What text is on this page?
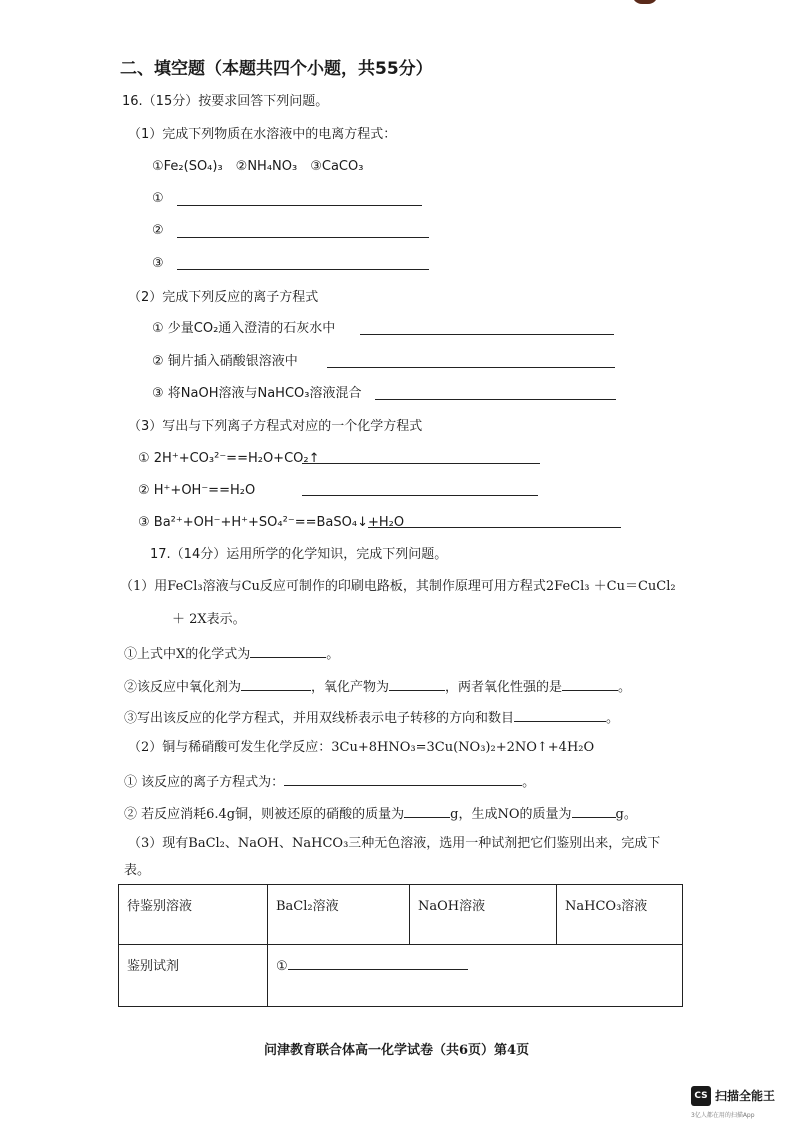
二、填空题（本题共四个小题，共55分）
16.（15分）按要求回答下列问题。
（1）完成下列物质在水溶液中的电离方程式：
①Fe₂(SO₄)₃　②NH₄NO₃　③CaCO₃
①
②
③
（2）完成下列反应的离子方程式
① 少量CO₂通入澄清的石灰水中
② 铜片插入硝酸银溶液中
③ 将NaOH溶液与NaHCO₃溶液混合
（3）写出与下列离子方程式对应的一个化学方程式
① 2H⁺+CO₃²⁻==H₂O+CO₂↑
② H⁺+OH⁻==H₂O
③ Ba²⁺+OH⁻+H⁺+SO₄²⁻==BaSO₄↓+H₂O
17.（14分）运用所学的化学知识，完成下列问题。
（1）用FeCl₃溶液与Cu反应可制作的印刷电路板，其制作原理可用方程式2FeCl₃ ＋Cu＝CuCl₂
＋ 2X表示。
①上式中X的化学式为	。
②该反应中氧化剂为	，氧化产物为	，两者氧化性强的是	。
③写出该反应的化学方程式，并用双线桥表示电子转移的方向和数目	。
（2）铜与稀硝酸可发生化学反应：3Cu+8HNO₃=3Cu(NO₃)₂+2NO↑+4H₂O
① 该反应的离子方程式为：	。
② 若反应消耗6.4g铜，则被还原的硝酸的质量为	g，生成NO的质量为	g。
（3）现有BaCl₂、NaOH、NaHCO₃三种无色溶液，选用一种试剂把它们鉴别出来，完成下
表。
待鉴别溶液	BaCl₂溶液	NaOH溶液	NaHCO₃溶液
鉴别试剂	①		
问津教育联合体高一化学试卷（共6页）第4页
CS 扫描全能王
3亿人都在用的扫描App
